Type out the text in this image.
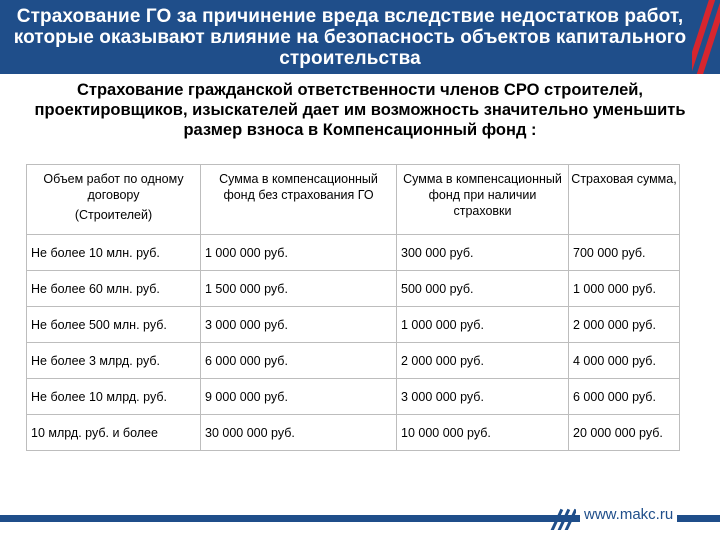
Страхование ГО за причинение вреда вследствие недостатков работ, которые оказывают влияние на безопасность объектов капитального строительства
Страхование гражданской ответственности членов СРО строителей, проектировщиков, изыскателей дает им возможность значительно уменьшить размер взноса в Компенсационный фонд :
Объем работ по одному договору
(Строителей)	Сумма в компенсационный фонд без страхования ГО	Сумма в компенсационный фонд при наличии страховки	Страховая сумма,
Не более 10 млн. руб.	1 000 000 руб.	300 000 руб.	700 000 руб.
Не более 60 млн. руб.	1 500 000 руб.	500 000 руб.	1 000 000 руб.
Не более 500 млн. руб.	3 000 000 руб.	1 000 000 руб.	2 000 000 руб.
Не более 3 млрд. руб.	6 000 000 руб.	2 000 000 руб.	4 000 000 руб.
Не более 10 млрд. руб.	9 000 000 руб.	3 000 000 руб.	6 000 000 руб.
10 млрд. руб. и более	30 000 000 руб.	10 000 000 руб.	20 000 000 руб.
www.makc.ru
